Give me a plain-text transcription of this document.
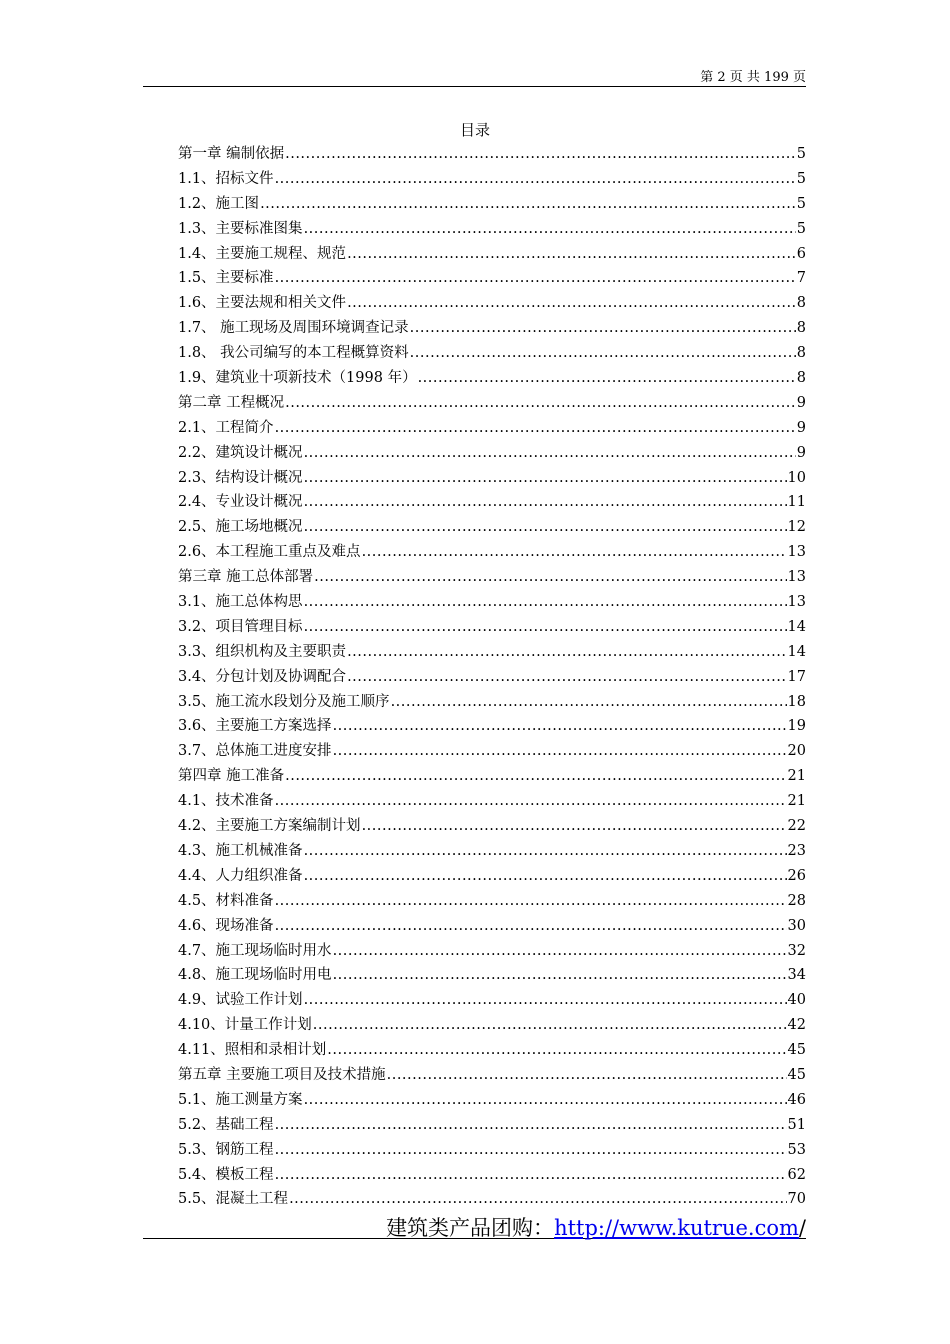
第 2 页 共 199 页
目录
第一章 编制依据 .....	5
1.1、招标文件 .....	5
1.2、施工图 .....	5
1.3、主要标准图集 .....	5
1.4、主要施工规程、规范 .....	6
1.5、主要标准 .....	7
1.6、主要法规和相关文件 .....	8
1.7、 施工现场及周围环境调查记录 .....	8
1.8、 我公司编写的本工程概算资料 .....	8
1.9、建筑业十项新技术（1998 年） .....	8
第二章 工程概况 .....	9
2.1、工程简介 .....	9
2.2、建筑设计概况 .....	9
2.3、结构设计概况 .....	10
2.4、专业设计概况 .....	11
2.5、施工场地概况 .....	12
2.6、本工程施工重点及难点 .....	13
第三章 施工总体部署 .....	13
3.1、施工总体构思 .....	13
3.2、项目管理目标 .....	14
3.3、组织机构及主要职责 .....	14
3.4、分包计划及协调配合 .....	17
3.5、施工流水段划分及施工顺序 .....	18
3.6、主要施工方案选择 .....	19
3.7、总体施工进度安排 .....	20
第四章 施工准备 .....	21
4.1、技术准备 .....	21
4.2、主要施工方案编制计划 .....	22
4.3、施工机械准备 .....	23
4.4、人力组织准备 .....	26
4.5、材料准备 .....	28
4.6、现场准备 .....	30
4.7、施工现场临时用水 .....	32
4.8、施工现场临时用电 .....	34
4.9、试验工作计划 .....	40
4.10、计量工作计划 .....	42
4.11、照相和录相计划 .....	45
第五章 主要施工项目及技术措施 .....	45
5.1、施工测量方案 .....	46
5.2、基础工程 .....	51
5.3、钢筋工程 .....	53
5.4、模板工程 .....	62
5.5、混凝土工程 .....	70
建筑类产品团购：http://www.kutrue.com/
